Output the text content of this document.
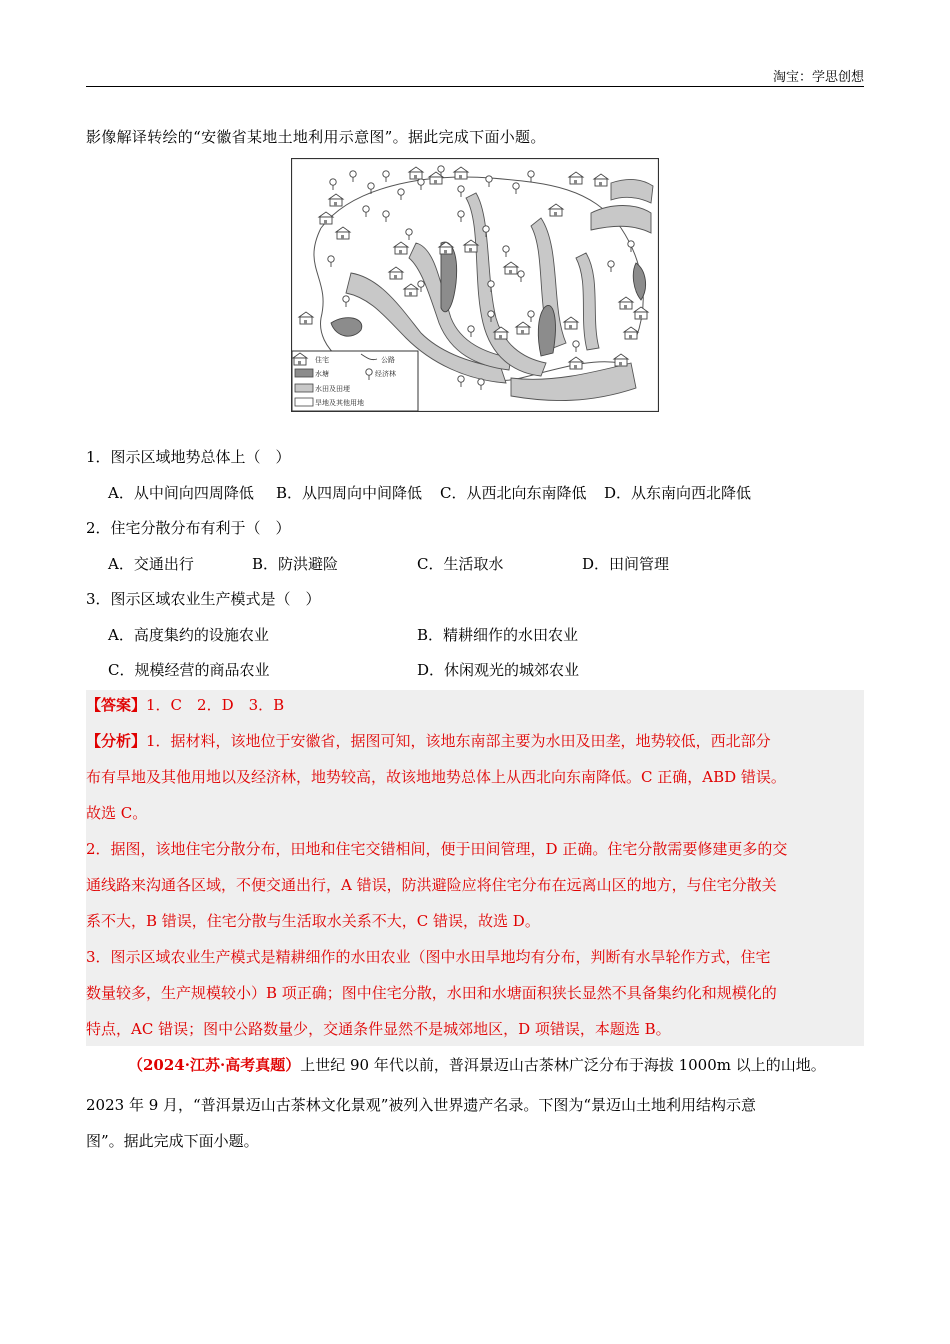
淘宝：学思创想
影像解译转绘的“安徽省某地土地利用示意图”。据此完成下面小题。
住宅	公路
水塘	经济林
水田及田埂
旱地及其他用地
1．图示区域地势总体上（　）
A．从中间向四周降低 B．从四周向中间降低 C．从西北向东南降低 D．从东南向西北降低
2．住宅分散分布有利于（　）
A．交通出行	B．防洪避险	C．生活取水	D．田间管理
3．图示区域农业生产模式是（　）
A．高度集约的设施农业	B．精耕细作的水田农业
C．规模经营的商品农业	D．休闲观光的城郊农业
【答案】1．C　2．D　3．B
【分析】1．据材料，该地位于安徽省，据图可知，该地东南部主要为水田及田垄，地势较低，西北部分
布有旱地及其他用地以及经济林，地势较高，故该地地势总体上从西北向东南降低。C 正确，ABD 错误。
故选 C。
2．据图，该地住宅分散分布，田地和住宅交错相间，便于田间管理，D 正确。住宅分散需要修建更多的交
通线路来沟通各区域，不便交通出行，A 错误，防洪避险应将住宅分布在远离山区的地方，与住宅分散关
系不大，B 错误，住宅分散与生活取水关系不大，C 错误，故选 D。
3．图示区域农业生产模式是精耕细作的水田农业（图中水田旱地均有分布，判断有水旱轮作方式，住宅
数量较多，生产规模较小）B 项正确；图中住宅分散，水田和水塘面积狭长显然不具备集约化和规模化的
特点，AC 错误；图中公路数量少，交通条件显然不是城郊地区，D 项错误，本题选 B。
（2024·江苏·高考真题）上世纪 90 年代以前，普洱景迈山古茶林广泛分布于海拔 1000m 以上的山地。
2023 年 9 月，“普洱景迈山古茶林文化景观”被列入世界遗产名录。下图为“景迈山土地利用结构示意
图”。据此完成下面小题。
